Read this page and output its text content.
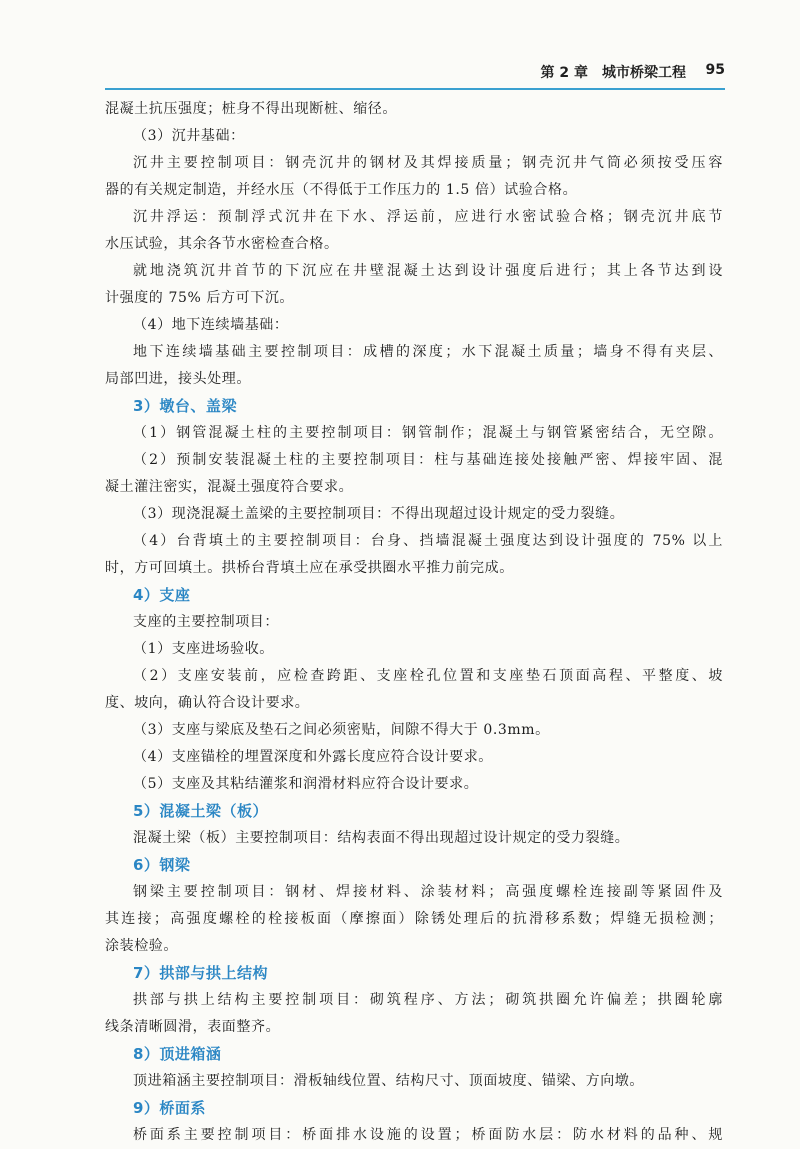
第 2 章　城市桥梁工程 95
混凝土抗压强度；桩身不得出现断桩、缩径。
（3）沉井基础：
沉井主要控制项目：钢壳沉井的钢材及其焊接质量；钢壳沉井气筒必须按受压容
器的有关规定制造，并经水压（不得低于工作压力的 1.5 倍）试验合格。
沉井浮运：预制浮式沉井在下水、浮运前，应进行水密试验合格；钢壳沉井底节
水压试验，其余各节水密检查合格。
就地浇筑沉井首节的下沉应在井壁混凝土达到设计强度后进行；其上各节达到设
计强度的 75% 后方可下沉。
（4）地下连续墙基础：
地下连续墙基础主要控制项目：成槽的深度；水下混凝土质量；墙身不得有夹层、
局部凹进，接头处理。
3）墩台、盖梁
（1）钢管混凝土柱的主要控制项目：钢管制作；混凝土与钢管紧密结合，无空隙。
（2）预制安装混凝土柱的主要控制项目：柱与基础连接处接触严密、焊接牢固、混
凝土灌注密实，混凝土强度符合要求。
（3）现浇混凝土盖梁的主要控制项目：不得出现超过设计规定的受力裂缝。
（4）台背填土的主要控制项目：台身、挡墙混凝土强度达到设计强度的 75% 以上
时，方可回填土。拱桥台背填土应在承受拱圈水平推力前完成。
4）支座
支座的主要控制项目：
（1）支座进场验收。
（2）支座安装前，应检查跨距、支座栓孔位置和支座垫石顶面高程、平整度、坡
度、坡向，确认符合设计要求。
（3）支座与梁底及垫石之间必须密贴，间隙不得大于 0.3mm。
（4）支座锚栓的埋置深度和外露长度应符合设计要求。
（5）支座及其粘结灌浆和润滑材料应符合设计要求。
5）混凝土梁（板）
混凝土梁（板）主要控制项目：结构表面不得出现超过设计规定的受力裂缝。
6）钢梁
钢梁主要控制项目：钢材、焊接材料、涂装材料；高强度螺栓连接副等紧固件及
其连接；高强度螺栓的栓接板面（摩擦面）除锈处理后的抗滑移系数；焊缝无损检测；
涂装检验。
7）拱部与拱上结构
拱部与拱上结构主要控制项目：砌筑程序、方法；砌筑拱圈允许偏差；拱圈轮廓
线条清晰圆滑，表面整齐。
8）顶进箱涵
顶进箱涵主要控制项目：滑板轴线位置、结构尺寸、顶面坡度、锚梁、方向墩。
9）桥面系
桥面系主要控制项目：桥面排水设施的设置；桥面防水层：防水材料的品种、规
